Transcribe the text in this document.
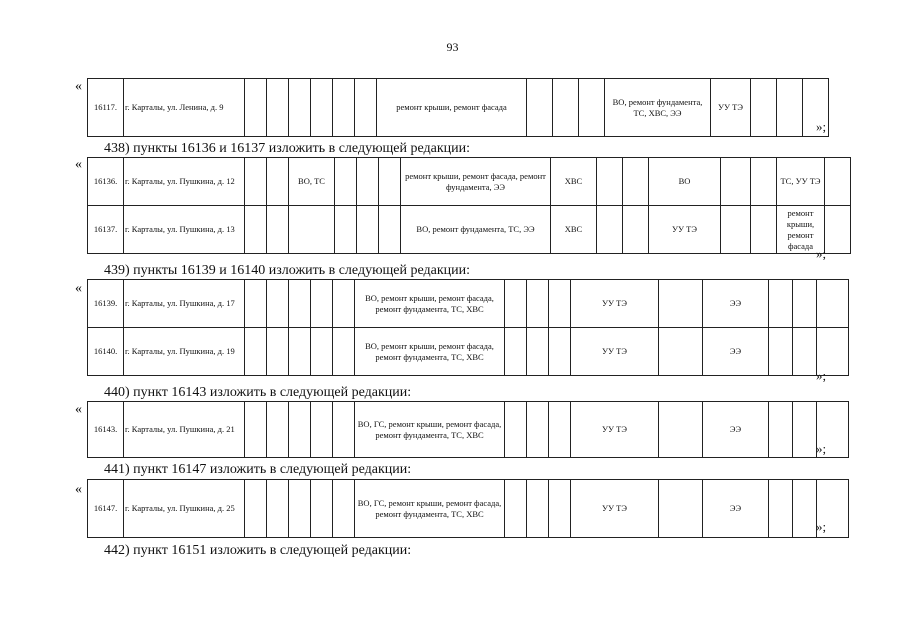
93
«
16117.	г. Карталы, ул. Ленина, д. 9							ремонт крыши, ремонт фасада				ВО, ремонт фундамента, ТС, ХВС, ЭЭ	УУ ТЭ			
»;
438) пункты 16136 и 16137 изложить в следующей редакции:
«
16136.	г. Карталы, ул. Пушкина, д. 12			ВО, ТС				ремонт крыши, ремонт фасада, ремонт фундамента, ЭЭ	ХВС			ВО			ТС, УУ ТЭ	
16137.	г. Карталы, ул. Пушкина, д. 13							ВО, ремонт фундамента, ТС, ЭЭ	ХВС			УУ ТЭ			ремонт крыши, ремонт фасада	
»;
439) пункты 16139 и 16140 изложить в следующей редакции:
«
16139.	г. Карталы, ул. Пушкина, д. 17						ВО, ремонт крыши, ремонт фасада, ремонт фундамента, ТС, ХВС				УУ ТЭ		ЭЭ			
16140.	г. Карталы, ул. Пушкина, д. 19						ВО, ремонт крыши, ремонт фасада, ремонт фундамента, ТС, ХВС				УУ ТЭ		ЭЭ			
»;
440) пункт 16143 изложить в следующей редакции:
«
16143.	г. Карталы, ул. Пушкина, д. 21						ВО, ГС, ремонт крыши, ремонт фасада, ремонт фундамента, ТС, ХВС				УУ ТЭ		ЭЭ			
»;
441) пункт 16147 изложить в следующей редакции:
«
16147.	г. Карталы, ул. Пушкина, д. 25						ВО, ГС, ремонт крыши, ремонт фасада, ремонт фундамента, ТС, ХВС				УУ ТЭ		ЭЭ			
»;
442) пункт 16151 изложить в следующей редакции:
